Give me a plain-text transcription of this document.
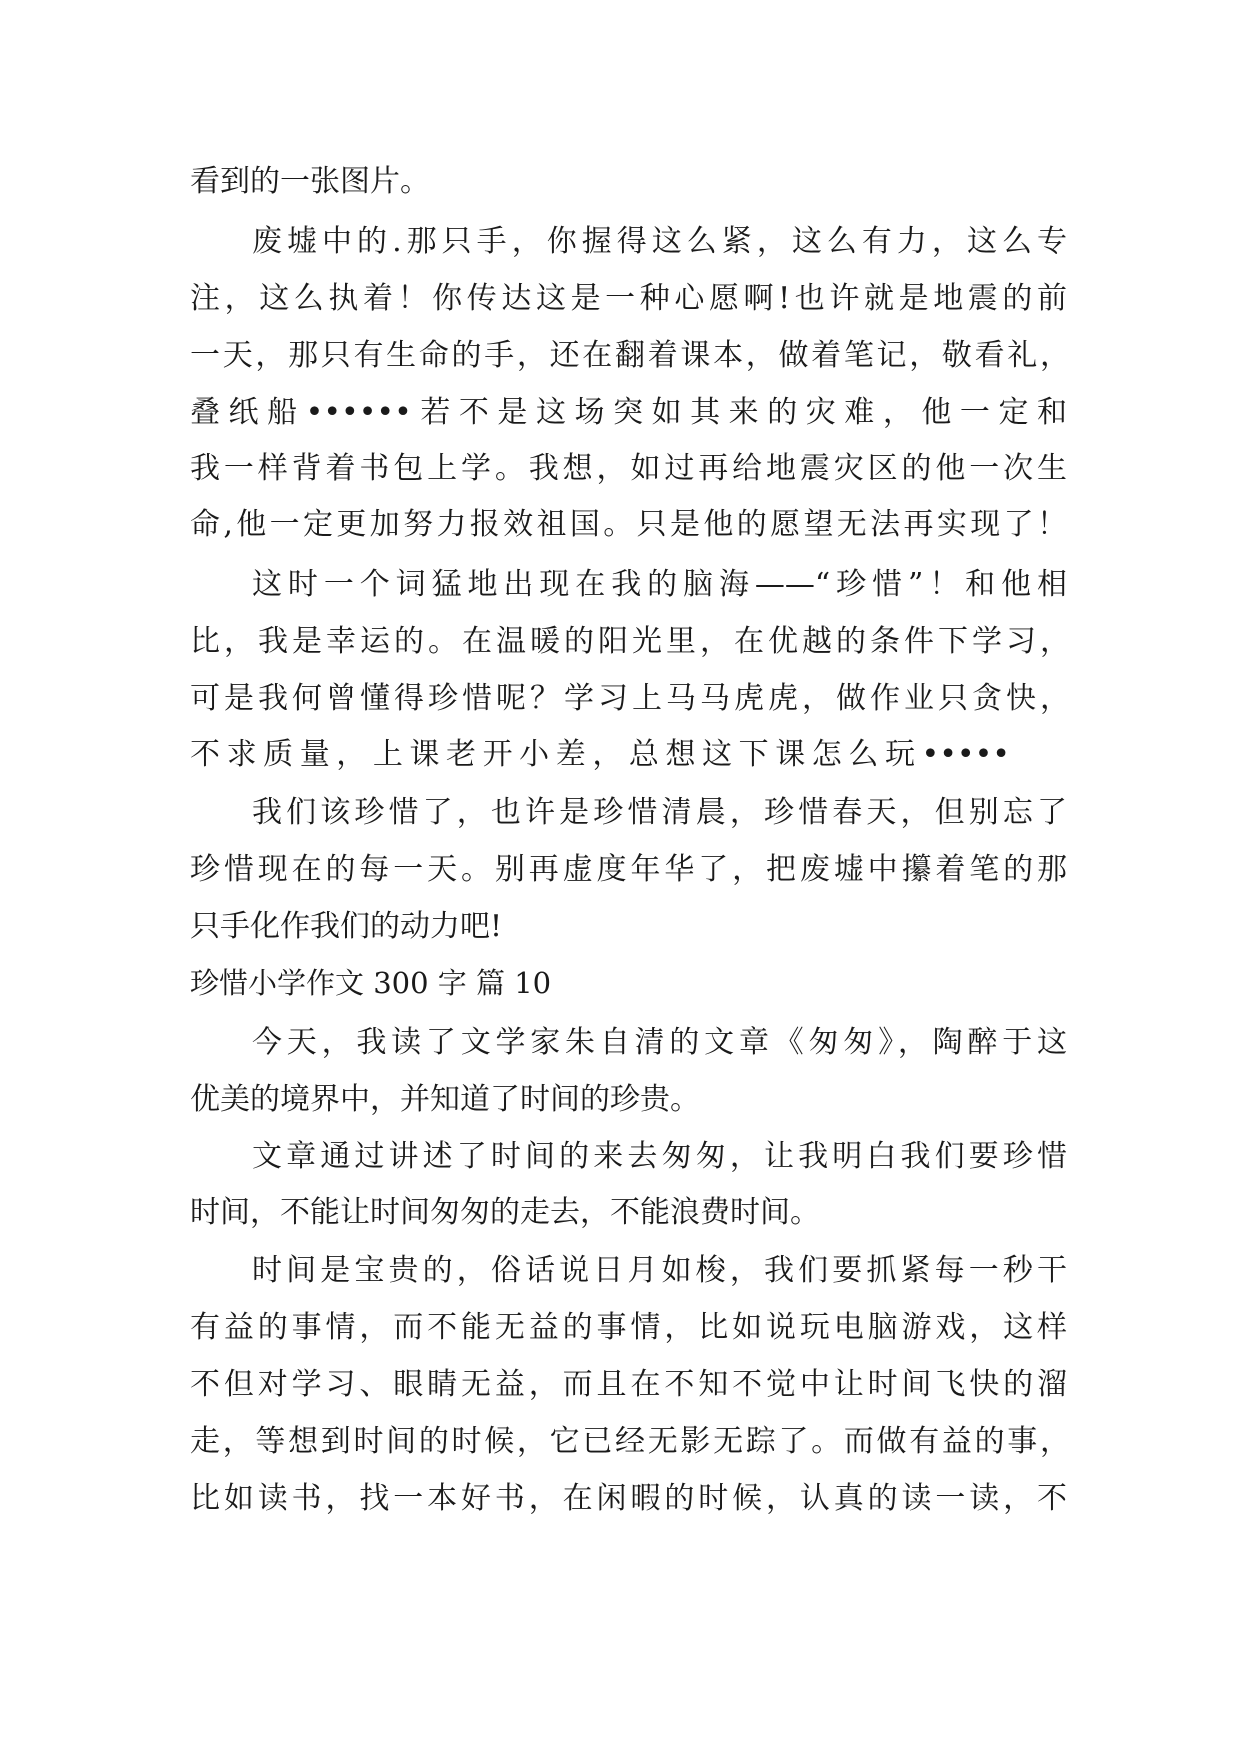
看到的一张图片。
废墟中的.那只手，你握得这么紧，这么有力，这么专
注，这么执着！你传达这是一种心愿啊!也许就是地震的前
一天，那只有生命的手，还在翻着课本，做着笔记，敬看礼，
叠纸船••••••若不是这场突如其来的灾难，他一定和
我一样背着书包上学。我想，如过再给地震灾区的他一次生
命,他一定更加努力报效祖国。只是他的愿望无法再实现了！
这时一个词猛地出现在我的脑海——“珍惜”！和他相
比，我是幸运的。在温暖的阳光里，在优越的条件下学习，
可是我何曾懂得珍惜呢？学习上马马虎虎，做作业只贪快，
不求质量，上课老开小差，总想这下课怎么玩•••••
我们该珍惜了，也许是珍惜清晨，珍惜春天，但别忘了
珍惜现在的每一天。别再虚度年华了，把废墟中攥着笔的那
只手化作我们的动力吧!
珍惜小学作文 300 字 篇 10
今天，我读了文学家朱自清的文章《匆匆》，陶醉于这
优美的境界中，并知道了时间的珍贵。
文章通过讲述了时间的来去匆匆，让我明白我们要珍惜
时间，不能让时间匆匆的走去，不能浪费时间。
时间是宝贵的，俗话说日月如梭，我们要抓紧每一秒干
有益的事情，而不能无益的事情，比如说玩电脑游戏，这样
不但对学习、眼睛无益，而且在不知不觉中让时间飞快的溜
走，等想到时间的时候，它已经无影无踪了。而做有益的事，
比如读书，找一本好书，在闲暇的时候，认真的读一读，不
